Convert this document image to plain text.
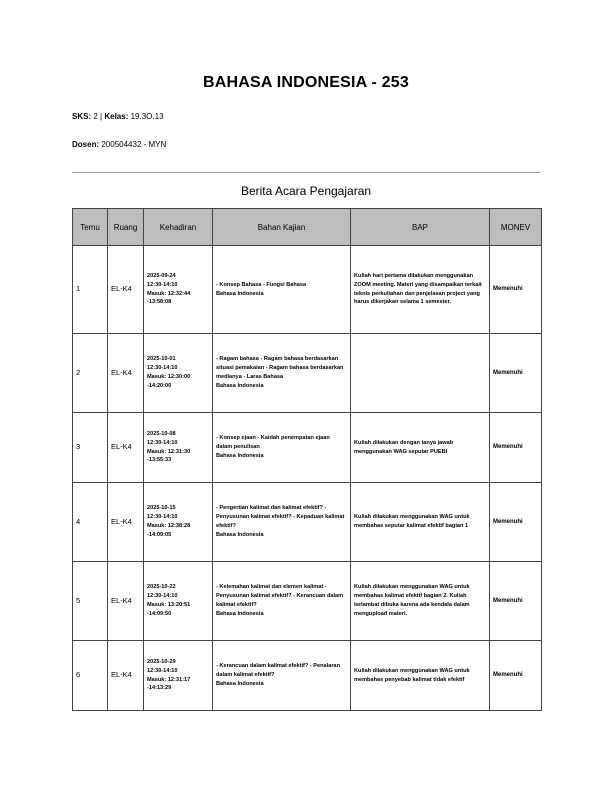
BAHASA INDONESIA - 253
SKS: 2 | Kelas: 19.3O.13
Dosen: 200504432 - MYN
Berita Acara Pengajaran
Temu	Ruang	Kehadiran	Bahan Kajian	BAP	MONEV
1	EL-K4	2025-09-24
12:30-14:10
Masuk: 12:32:44
-13:58:08	- Konsep Bahasa - Fungsi Bahasa
Bahasa Indonesia	Kuliah hari pertama dilakukan menggunakan ZOOM meeting. Materi yang disampaikan terkait teknis perkuliahan dan penjelasan project yang harus dikerjakan selama 1 semester.	Memenuhi
2	EL-K4	2025-10-01
12:30-14:10
Masuk: 12:30:00
-14:20:00	- Ragam bahasa - Ragam bahasa berdasarkan situasi pemakaian - Ragam bahasa berdasarkan medianya - Laras Bahasa
Bahasa Indonesia		Memenuhi
3	EL-K4	2025-10-08
12:30-14:10
Masuk: 12:31:30
-13:55:33	- Konsep ejaan - Kaidah penempatan ejaan dalam penulisan
Bahasa Indonesia	Kuliah dilakukan dengan tanya jawab menggunakan WAG seputar PUEBI	Memenuhi
4	EL-K4	2025-10-15
12:30-14:10
Masuk: 12:38:28
-14:09:05	- Pengertian kalimat dan kalimat efektif? - Penyusunan kalimat efektif? - Kepaduan kalimat efektif?
Bahasa Indonesia	Kuliah dilakukan menggunakan WAG untuk membahas seputar kalimat efektif bagian 1	Memenuhi
5	EL-K4	2025-10-22
12:30-14:10
Masuk: 13:20:51
-14:09:50	- Kelemahan kalimat dan elemen kalimat - Penyusunan kalimat efektif? - Kerancuan dalam kalimat efektif?
Bahasa Indonesia	Kuliah dilakukan menggunakan WAG untuk membahas kalimat efektif bagian 2. Kuliah terlambat dibuka karena ada kendala dalam mengupload materi.	Memenuhi
6	EL-K4	2025-10-29
12:30-14:10
Masuk: 12:31:17
-14:13:29	- Kerancuan dalam kalimat efektif? - Penalaran dalam kalimat efektif?
Bahasa Indonesia	Kuliah dilakukan menggunakan WAG untuk membahas penyebab kalimat tidak efektif	Memenuhi
